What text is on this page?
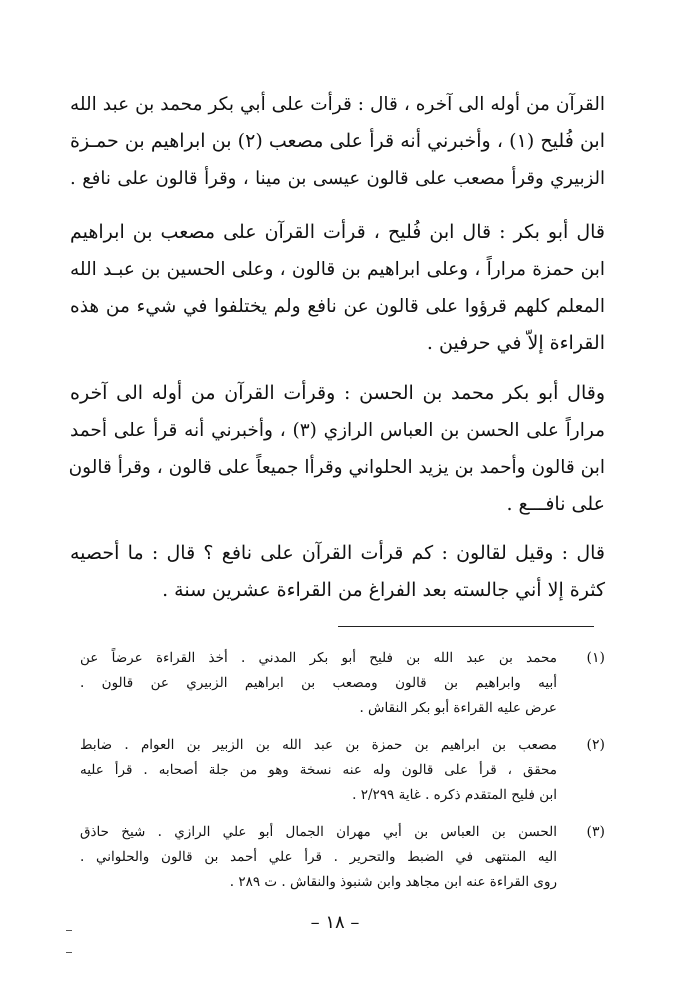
القرآن من أوله الى آخره ، قال : قرأت على أبي بكر محمد بن عبد الله
ابن فُليح (١) ، وأخبرني أنه قرأ على مصعب (٢) بن ابراهيم بن حمـزة
الزبيري وقرأ مصعب على قالون عيسى بن مينا ، وقرأ قالون على نافع .
قال أبو بكر : قال ابن فُليح ، قرأت القرآن على مصعب بن ابراهيم
ابن حمزة مراراً ، وعلى ابراهيم بن قالون ، وعلى الحسين بن عبـد الله
المعلم كلهم قرؤوا على قالون عن نافع ولم يختلفوا في شيء من هذه
القراءة إلاّ في حرفين .
وقال أبو بكر محمد بن الحسن : وقرأت القرآن من أوله الى آخره
مراراً على الحسن بن العباس الرازي (٣) ، وأخبرني أنه قرأ على أحمد
ابن قالون وأحمد بن يزيد الحلواني وقرأا جميعاً على قالون ، وقرأ قالون
على نافـــع .
قال : وقيل لقالون : كم قرأت القرآن على نافع ؟ قال : ما أحصيه
كثرة إلا أني جالسته بعد الفراغ من القراءة عشرين سنة .
(١)
محمد بن عبد الله بن فليح أبو بكر المدني . أخذ القراءة عرضاً عن
أبيه وابراهيم بن قالون ومصعب بن ابراهيم الزبيري عن قالون .
عرض عليه القراءة أبو بكر النقاش .
(٢)
مصعب بن ابراهيم بن حمزة بن عبد الله بن الزبير بن العوام . ضابط
محقق ، قرأ على قالون وله عنه نسخة وهو من جلة أصحابه . قرأ عليه
ابن فليح المتقدم ذكره . غاية ٢/٢٩٩ .
(٣)
الحسن بن العباس بن أبي مهران الجمال أبو علي الرازي . شيخ حاذق
اليه المنتهى في الضبط والتحرير . قرأ علي أحمد بن قالون والحلواني .
روى القراءة عنه ابن مجاهد وابن شنبوذ والنقاش . ت ٢٨٩ .
– ١٨ –
